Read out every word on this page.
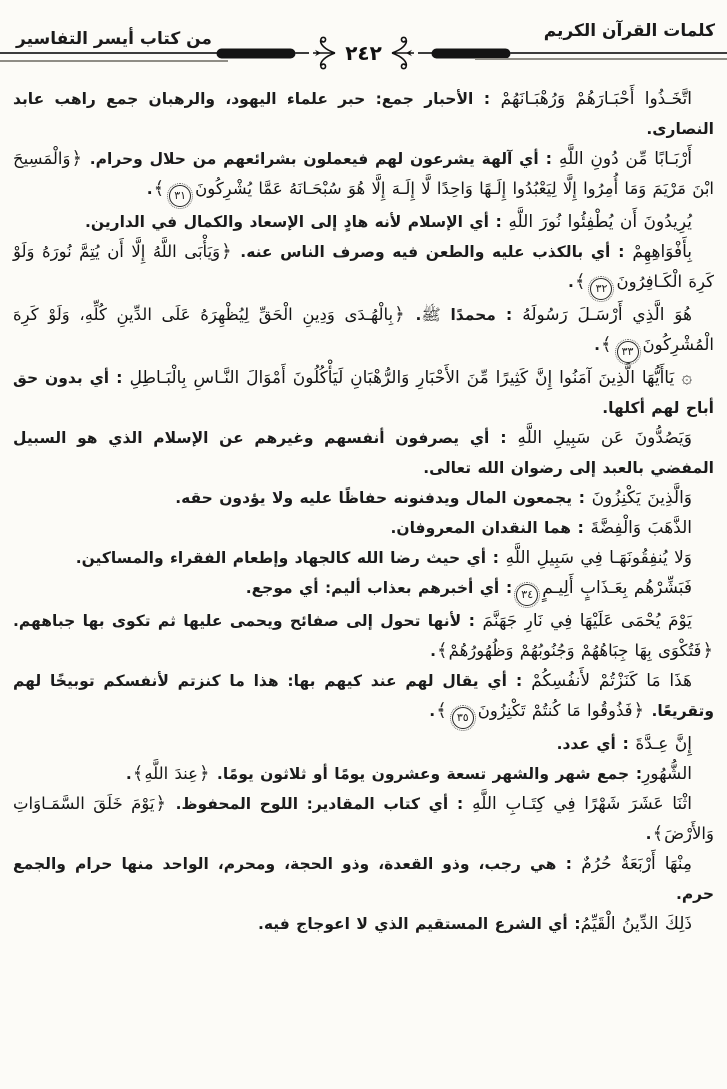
كلمات القرآن الكريم
من كتاب أيسر التفاسير
٢٤٢

اتَّخَـذُوا أَحْبَـارَهُمْ وَرُهْبَـانَهُمْ : الأحبار جمع: حبر علماء اليهود، والرهبان جمع راهب عابد النصارى.

أَرْبَـابًا مِّن دُونِ اللَّهِ : أي آلهة يشرعون لهم فيعملون بشرائعهم من حلال وحرام. ﴿وَالْمَسِيحَ ابْنَ مَرْيَمَ وَمَا أُمِرُوا إِلَّا لِيَعْبُدُوا إِلَـهًا وَاحِدًا لَّا إِلَـهَ إِلَّا هُوَ سُبْحَـانَهُ عَمَّا يُشْرِكُونَ٣١﴾.

يُرِيدُونَ أَن يُطْفِئُوا نُورَ اللَّهِ : أي الإسلام لأنه هادٍ إلى الإسعاد والكمال في الدارين.

بِأَفْوَاهِهِمْ : أي بالكذب عليه والطعن فيه وصرف الناس عنه. ﴿وَيَأْبَى اللَّهُ إِلَّا أَن يُتِمَّ نُورَهُ وَلَوْ كَرِهَ الْكَـافِرُونَ٣٢﴾.

هُوَ الَّذِي أَرْسَـلَ رَسُولَهُ : محمدًا ﷺ. ﴿بِالْهُـدَى وَدِينِ الْحَقِّ لِيُظْهِرَهُ عَلَى الدِّينِ كُلِّهِ، وَلَوْ كَرِهَ الْمُشْرِكُونَ٣٣﴾.

۞ يَاأَيُّهَا الَّذِينَ آمَنُوا إِنَّ كَثِيرًا مِّنَ الأَحْبَارِ وَالرُّهْبَانِ لَيَأْكُلُونَ أَمْوَالَ النَّـاسِ بِالْبَـاطِلِ : أي بدون حق أباح لهم أكلها.

وَيَصُدُّونَ عَن سَبِيلِ اللَّهِ : أي يصرفون أنفسهم وغيرهم عن الإسلام الذي هو السبيل المفضي بالعبد إلى رضوان الله تعالى.

وَالَّذِينَ يَكْنِزُونَ : يجمعون المال ويدفنونه حفاظًا عليه ولا يؤدون حقه.

الذَّهَبَ وَالْفِضَّةَ : هما النقدان المعروفان.

وَلا يُنفِقُونَهَـا فِي سَبِيلِ اللَّهِ : أي حيث رضا الله كالجهاد وإطعام الفقراء والمساكين.

فَبَشِّرْهُم بِعَـذَابٍ أَلِيـمٍ٣٤: أي أخبرهم بعذاب أليم: أي موجع.

يَوْمَ يُحْمَى عَلَيْهَا فِي نَارِ جَهَنَّمَ : لأنها تحول إلى صفائح ويحمى عليها ثم تكوى بها جباههم. ﴿فَتُكْوَى بِهَا جِبَاهُهُمْ وَجُنُوبُهُمْ وَظُهُورُهُمْ﴾.

هَذَا مَا كَنَزْتُمْ لأَنفُسِكُمْ : أي يقال لهم عند كيهم بها: هذا ما كنزتم لأنفسكم توبيخًا لهم وتقريعًا. ﴿فَذُوقُوا مَا كُنتُمْ تَكْنِزُونَ٣٥﴾.

إِنَّ عِـدَّةَ : أي عدد.

الشُّهُورِ: جمع شهر والشهر تسعة وعشرون يومًا أو ثلاثون يومًا. ﴿عِندَ اللَّهِ﴾.

اثْنَا عَشَرَ شَهْرًا فِي كِتَـابِ اللَّهِ : أي كتاب المقادير: اللوح المحفوظ. ﴿يَوْمَ خَلَقَ السَّمَـاوَاتِ وَالأَرْضَ﴾.

مِنْهَا أَرْبَعَةٌ حُرُمٌ : هي رجب، وذو القعدة، وذو الحجة، ومحرم، الواحد منها حرام والجمع حرم.

ذَلِكَ الدِّينُ الْقَيِّمُ: أي الشرع المستقيم الذي لا اعوجاج فيه.
